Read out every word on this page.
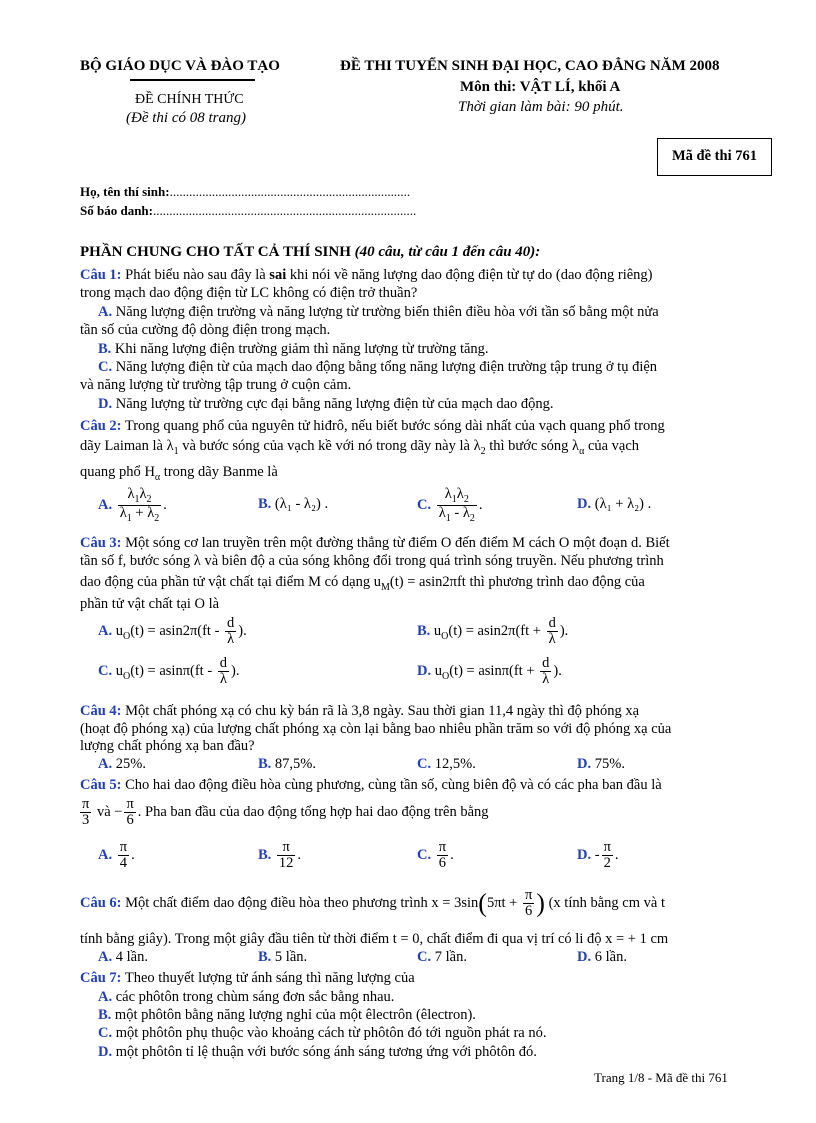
BỘ GIÁO DỤC VÀ ĐÀO TẠO
ĐỀ CHÍNH THỨC
(Đề thi có 08 trang)
ĐỀ THI TUYỂN SINH ĐẠI HỌC, CAO ĐẲNG NĂM 2008
Môn thi: VẬT LÍ, khối A
Thời gian làm bài: 90 phút.
Mã đề thi 761
Họ, tên thí sinh:..........................................................................
Số báo danh:.................................................................................
PHẦN CHUNG CHO TẤT CẢ THÍ SINH (40 câu, từ câu 1 đến câu 40):
Câu 1: Phát biểu nào sau đây là sai khi nói về năng lượng dao động điện từ tự do (dao động riêng)
trong mạch dao động điện từ LC không có điện trở thuần?
A. Năng lượng điện trường và năng lượng từ trường biến thiên điều hòa với tần số bằng một nửa
tần số của cường độ dòng điện trong mạch.
B. Khi năng lượng điện trường giảm thì năng lượng từ trường tăng.
C. Năng lượng điện từ của mạch dao động bằng tổng năng lượng điện trường tập trung ở tụ điện
và năng lượng từ trường tập trung ở cuộn cảm.
D. Năng lượng từ trường cực đại bằng năng lượng điện từ của mạch dao động.
Câu 2: Trong quang phổ của nguyên tử hiđrô, nếu biết bước sóng dài nhất của vạch quang phổ trong
dãy Laiman là $\lambda_1$ và bước sóng của vạch kề với nó trong dãy này là $\lambda_2$ thì bước sóng $\lambda_\alpha$ của vạch
quang phổ $H_\alpha$ trong dãy Banme là
A. $\frac{\lambda_1\lambda_2}{\lambda_1 + \lambda_2}$ .	B. (λ₁ - λ₂) .	C. $\frac{\lambda_1\lambda_2}{\lambda_1 - \lambda_2}$ .	D. (λ₁ + λ₂) .
Câu 3: Một sóng cơ lan truyền trên một đường thẳng từ điểm O đến điểm M cách O một đoạn d. Biết
tần số f, bước sóng λ và biên độ a của sóng không đổi trong quá trình sóng truyền. Nếu phương trình
dao động của phần tử vật chất tại điểm M có dạng $u_M(t) = asin2\pi ft$ thì phương trình dao động của
phần tử vật chất tại O là
A. $u_O(t) = asin2\pi(ft - \frac{d}{\lambda}$ ).	B. $u_O(t) = asin2\pi(ft + \frac{d}{\lambda}$ ).
C. $u_O(t) = asin\pi(ft - \frac{d}{\lambda}$ ).	D. $u_O(t) = asin\pi(ft + \frac{d}{\lambda}$ ).
Câu 4: Một chất phóng xạ có chu kỳ bán rã là 3,8 ngày. Sau thời gian 11,4 ngày thì độ phóng xạ
(hoạt độ phóng xạ) của lượng chất phóng xạ còn lại bằng bao nhiêu phần trăm so với độ phóng xạ của
lượng chất phóng xạ ban đầu?
A. 25%.	B. 87,5%.	C. 12,5%.	D. 75%.
Câu 5: Cho hai dao động điều hòa cùng phương, cùng tần số, cùng biên độ và có các pha ban đầu là
$\frac{\pi}{3}$ và − $\frac{\pi}{6}$ . Pha ban đầu của dao động tổng hợp hai dao động trên bằng
A. $\frac{\pi}{4}$ .	B. $\frac{\pi}{12}$ .	C. $\frac{\pi}{6}$ .	D. - $\frac{\pi}{2}$ .
Câu 6: Một chất điểm dao động điều hòa theo phương trình $x = 3\sin(5\pi t + \frac{\pi}{6}$ ) (x tính bằng cm và t
tính bằng giây). Trong một giây đầu tiên từ thời điểm t = 0, chất điểm đi qua vị trí có li độ x = + 1 cm
A. 4 lần.	B. 5 lần.	C. 7 lần.	D. 6 lần.
Câu 7: Theo thuyết lượng tử ánh sáng thì năng lượng của
A. các phôtôn trong chùm sáng đơn sắc bằng nhau.
B. một phôtôn bằng năng lượng nghỉ của một êlectrôn (êlectron).
C. một phôtôn phụ thuộc vào khoảng cách từ phôtôn đó tới nguồn phát ra nó.
D. một phôtôn tỉ lệ thuận với bước sóng ánh sáng tương ứng với phôtôn đó.
Trang 1/8 - Mã đề thi 761
